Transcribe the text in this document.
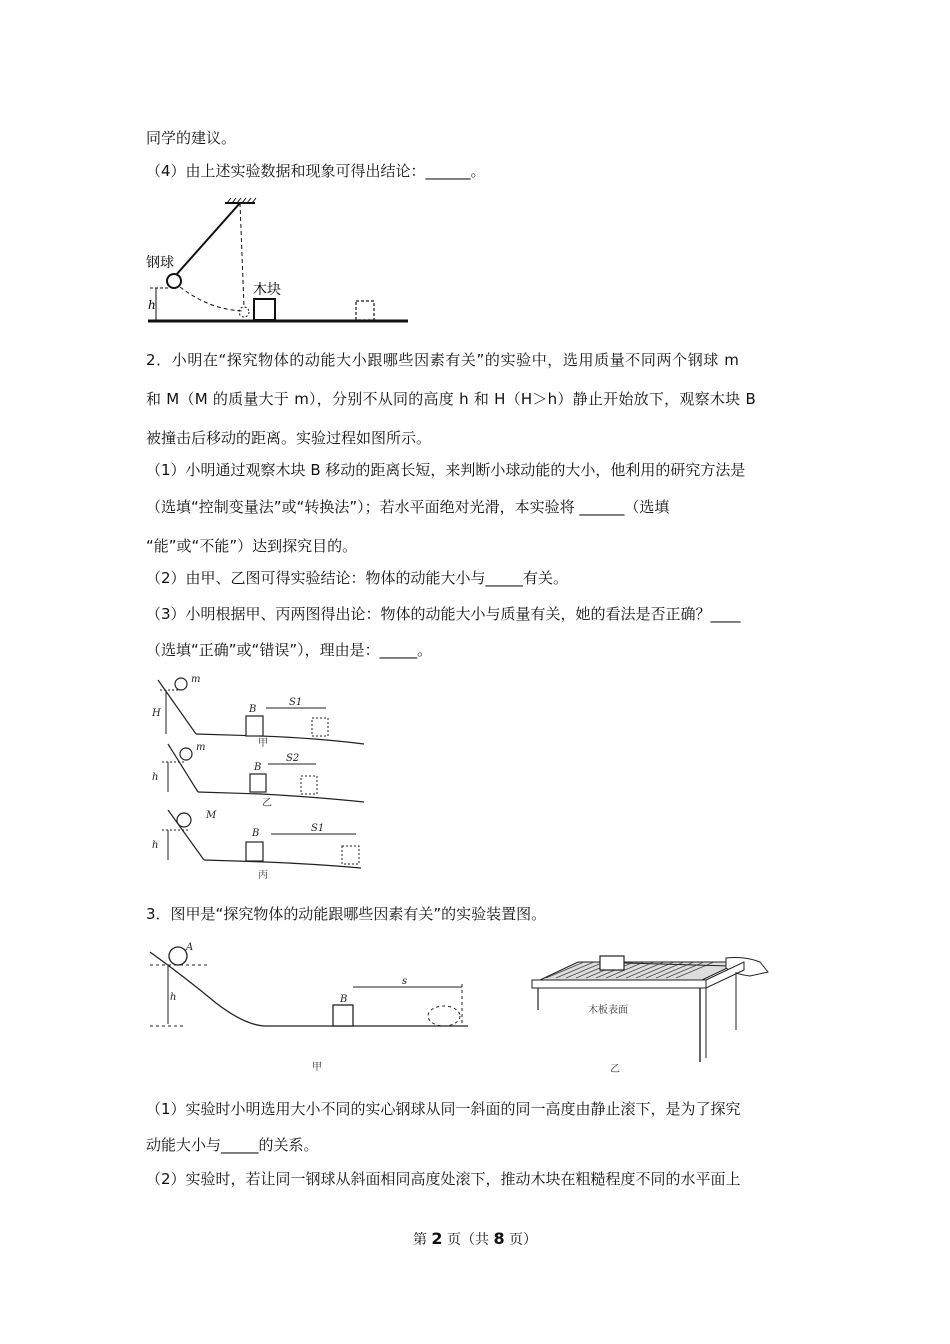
同学的建议。
（4）由上述实验数据和现象可得出结论：______。
h
钢球
木块
2．小明在“探究物体的动能大小跟哪些因素有关”的实验中，选用质量不同两个钢球 m
和 M（M 的质量大于 m），分别不从同的高度 h 和 H（H＞h）静止开始放下，观察木块 B
被撞击后移动的距离。实验过程如图所示。
（1）小明通过观察木块 B 移动的距离长短，来判断小球动能的大小，他利用的研究方法是
（选填“控制变量法”或“转换法”）；若水平面绝对光滑，本实验将 ______（选填
“能”或“不能”）达到探究目的。
（2）由甲、乙图可得实验结论：物体的动能大小与_____有关。
（3）小明根据甲、丙两图得出论：物体的动能大小与质量有关，她的看法是否正确？____
（选填“正确”或“错误”），理由是：_____。
m
H	B
S1
甲
m
h
B
S2
乙
M
h
B	S1
丙
3．图甲是“探究物体的动能跟哪些因素有关”的实验装置图。
A
h	B
s
甲
木板表面
乙
（1）实验时小明选用大小不同的实心钢球从同一斜面的同一高度由静止滚下，是为了探究
动能大小与_____的关系。
（2）实验时，若让同一钢球从斜面相同高度处滚下，推动木块在粗糙程度不同的水平面上
第 2 页（共 8 页）
